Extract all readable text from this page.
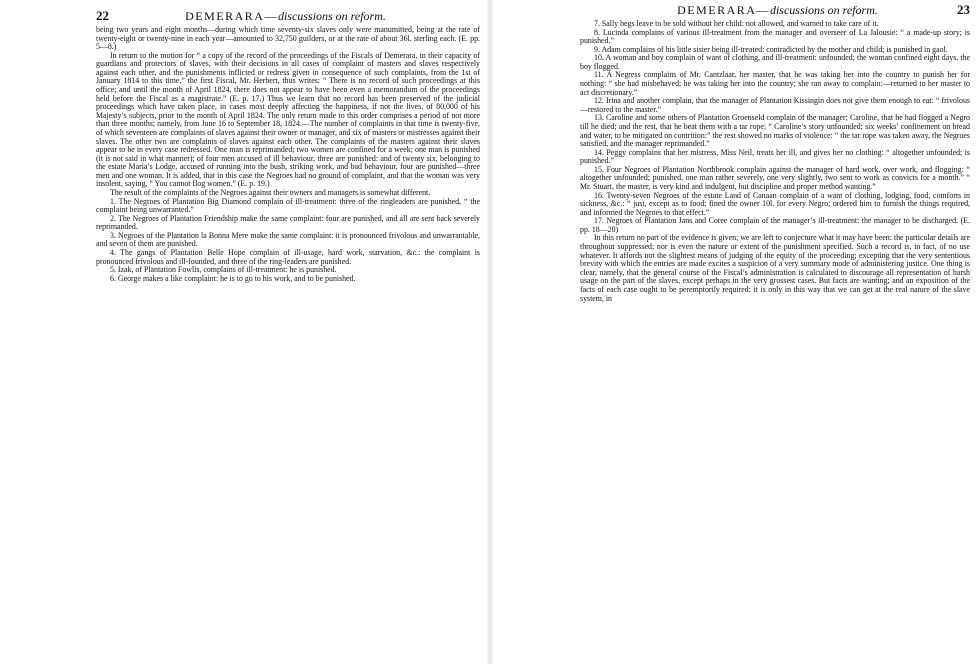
22	DEMERARA—discussions on reform.

being two years and eight months—during which time seventy-six slaves only were manumitted, being at the rate of twenty-eight or twenty-nine in each year—amounted to 32,750 guilders, or at the rate of about 36l. sterling each. (E. pp. 5—8.)

In return to the motion for “ a copy of the record of the proceedings of the Fiscals of Demerara, in their capacity of guardians and protectors of slaves, with their decisions in all cases of complaint of masters and slaves respectively against each other, and the punishments inflicted or redress given in consequence of such complaints, from the 1st of January 1814 to this time,” the first Fiscal, Mr. Herbert, thus writes: “ There is no record of such proceedings at this office; and until the month of April 1824, there does not appear to have been even a memorandum of the proceedings held before the Fiscal as a magistrate.” (E. p. 17.) Thus we learn that no record has been preserved of the judicial proceedings which have taken place, in cases most deeply affecting the happiness, if not the lives, of 80,000 of his Majesty’s subjects, prior to the month of April 1824. The only return made to this order comprises a period of not more than three months; namely, from June 16 to September 18, 1824.—The number of complaints in that time is twenty-five, of which seventeen are complaints of slaves against their owner or manager, and six of masters or mistresses against their slaves. The other two are complaints of slaves against each other. The complaints of the masters against their slaves appear to be in every case redressed. One man is reprimanded; two women are confined for a week; one man is punished (it is not said in what manner); of four men accused of ill behaviour, three are punished: and of twenty six, belonging to the estate Maria’s Lodge, accused of running into the bush, striking work, and bad behaviour, four are punished—three men and one woman. It is added, that in this case the Negroes had no ground of complaint, and that the woman was very insolent, saying, “ You cannot flog women.” (E. p. 19.)

The result of the complaints of the Negroes against their owners and managers is somewhat different.

1. The Negroes of Plantation Big Diamond complain of ill-treatment: three of the ringleaders are punished, “ the complaint being unwarranted.”

2. The Negroes of Plantation Friendship make the same complaint: four are punished, and all are sent back severely reprimanded.

3. Negroes of the Plantation la Bonna Mere make the same complaint: it is pronounced frivolous and unwarrantable, and seven of them are punished.

4. The gangs of Plantation Belle Hope complain of ill-usage, hard work, starvation, &c.: the complaint is pronounced frivolous and ill-founded, and three of the ring-leaders are punished.

5. Izak, of Plantation Fowlis, complains of ill-treatment: he is punished.

6. George makes a like complaint: he is to go to his work, and to be punished.

DEMERARA—discussions on reform.	23

7. Sally begs leave to be sold without her child: not allowed, and warned to take care of it.

8. Lucinda complains of various ill-treatment from the manager and overseer of La Jalousie: “ a made-up story; is punished.”

9. Adam complains of his little sister being ill-treated: contradicted by the mother and child; is punished in gaol.

10. A woman and boy complain of want of clothing, and ill-treatment: unfounded; the woman confined eight days, the boy flogged.

11. A Negress complains of Mr. Cantzlaar, her master, that he was taking her into the country to punish her for nothing: “ she had misbehaved; he was taking her into the country; she ran away to complain:—returned to her master to act discretionary.”

12. Irina and another complain, that the manager of Plantation Kissingin does not give them enough to eat: “ frivolous—restored to the master.”

13. Caroline and some others of Plantation Groenseld complain of the manager; Caroline, that he had flogged a Negro till he died; and the rest, that he beat them with a tar rope: “ Caroline’s story unfounded; six weeks’ confinement on bread and water, to be mitigated on contrition:” the rest showed no marks of violence: “ the tar rope was taken away, the Negroes satisfied, and the manager reprimanded.”

14. Peggy complains that her mistress, Miss Neil, treats her ill, and gives her no clothing: “ altogether unfounded; is punished.”

15. Four Negroes of Plantation Northbrook complain against the manager of hard work, over work, and flogging: “ altogether unfounded; punished, one man rather severely, one very slightly, two sent to work as convicts for a month.” “ Mr. Stuart, the master, is very kind and indulgent, but discipline and proper method wanting.”

16. Twenty-seven Negroes of the estate Land of Canaan complain of a want of clothing, lodging, food, comforts in sickness, &c.: “ just, except as to food; fined the owner 10l. for every Negro; ordered him to furnish the things required, and informed the Negroes to that effect.”

17. Negroes of Plantation Jans and Coree complain of the manager’s ill-treatment: the manager to be discharged. (E. pp. 18—20)

In this return no part of the evidence is given; we are left to conjecture what it may have been: the particular details are throughout suppressed; nor is even the nature or extent of the punishment specified. Such a record is, in fact, of no use whatever. It affords not the slightest means of judging of the equity of the proceeding; excepting that the very sententious brevity with which the entries are made excites a suspicion of a very summary mode of administering justice. One thing is clear, namely, that the general course of the Fiscal’s administration is calculated to discourage all representation of harsh usage on the part of the slaves, except perhaps in the very grossest cases. But facts are wanting; and an exposition of the facts of each case ought to be peremptorily required: it is only in this way that we can get at the real nature of the slave system, in
